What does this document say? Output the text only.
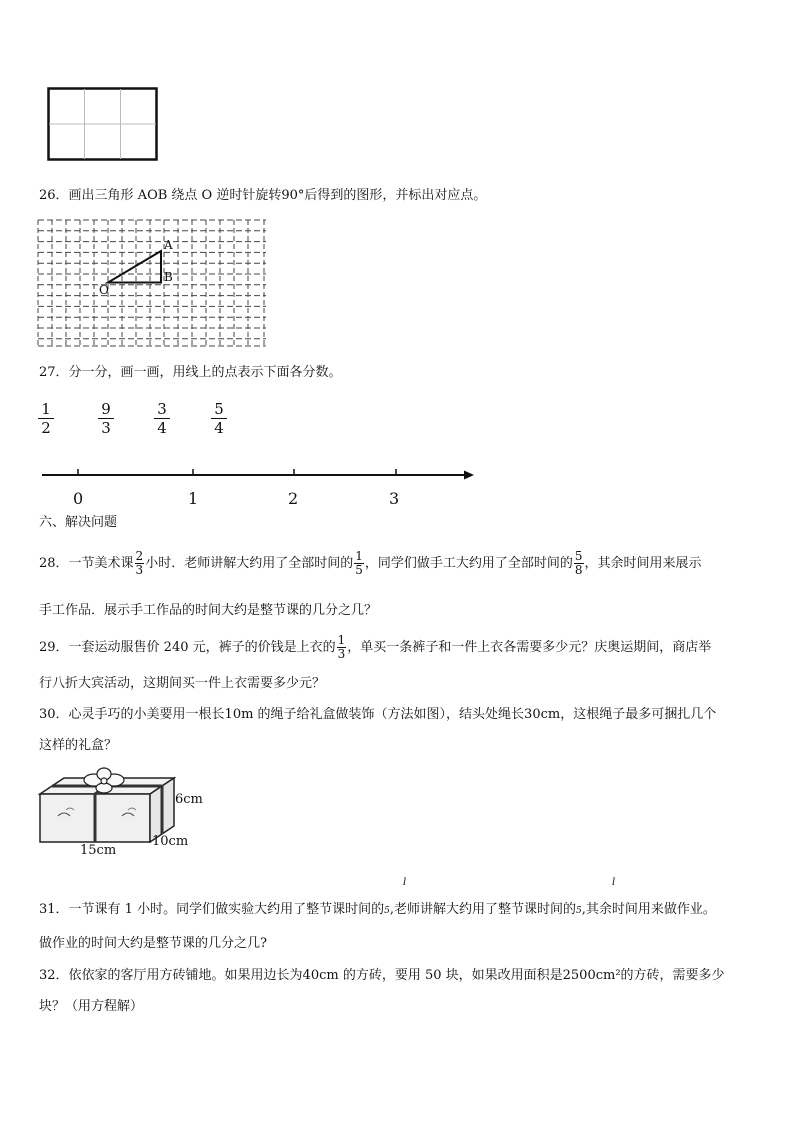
26．画出三角形 AOB 绕点 O 逆时针旋转90°后得到的图形，并标出对应点。
A
B
O
27．分一分，画一画，用线上的点表示下面各分数。
$\frac{1}{2}$	$\frac{9}{3}$	$\frac{3}{4}$	$\frac{5}{4}$
0	1	2	3
六、解决问题
28．一节美术课 $\frac{2}{3}$ 小时．老师讲解大约用了全部时间的 $\frac{1}{5}$ ，同学们做手工大约用了全部时间的 $\frac{5}{8}$ ，其余时间用来展示
手工作品．展示手工作品的时间大约是整节课的几分之几？
29．一套运动服售价 240 元，裤子的价钱是上衣的 $\frac{1}{3}$ ，单买一条裤子和一件上衣各需要多少元？庆奥运期间，商店举
行八折大宾活动，这期间买一件上衣需要多少元？
30．心灵手巧的小美要用一根长10m 的绳子给礼盒做装饰（方法如图），结头处绳长30cm，这根绳子最多可捆扎几个
这样的礼盒？
6cm
10cm
15cm
l	l
31．一节课有 1 小时。同学们做实验大约用了整节课时间的5,老师讲解大约用了整节课时间的5,其余时间用来做作业。
做作业的时间大约是整节课的几分之几?
32．依依家的客厅用方砖铺地。如果用边长为40cm 的方砖，要用 50 块，如果改用面积是2500cm²的方砖，需要多少
块？（用方程解）
